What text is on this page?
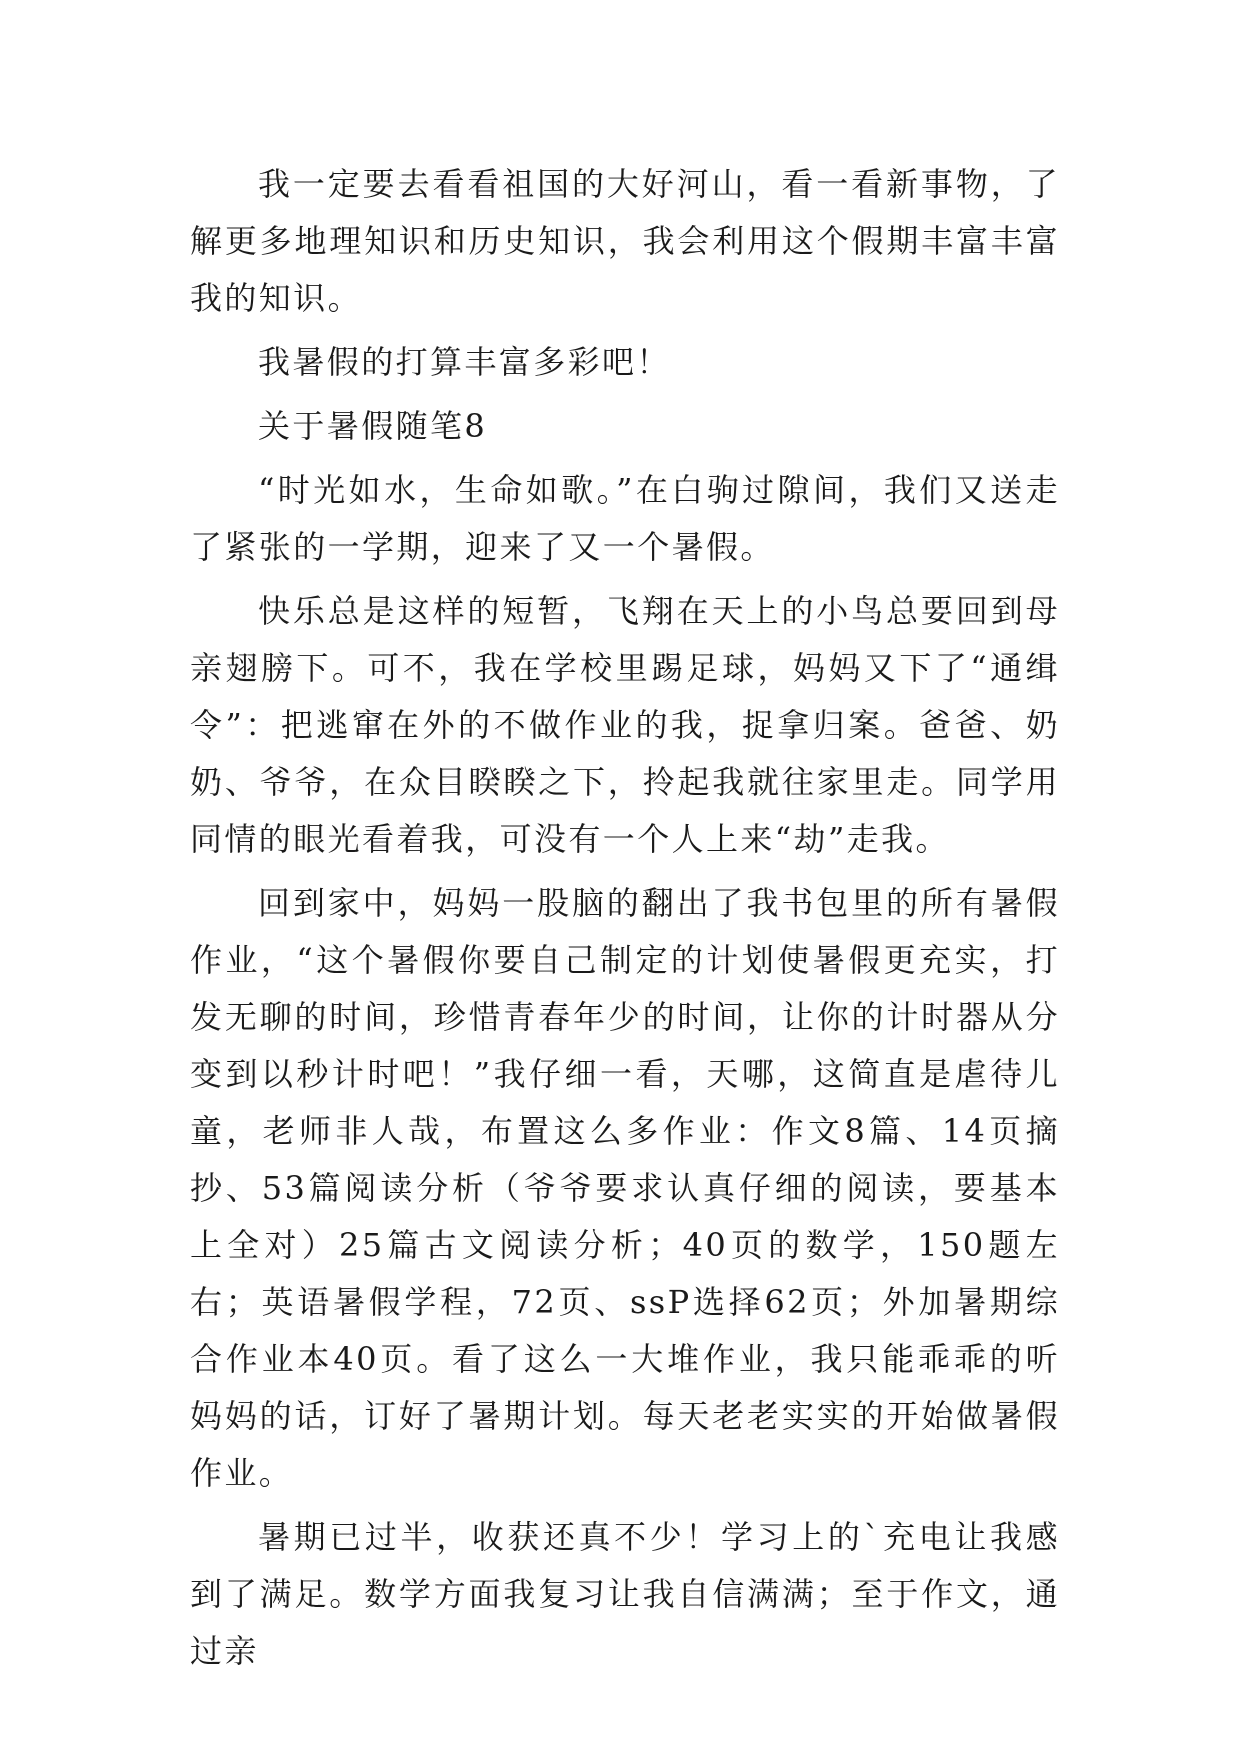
我一定要去看看祖国的大好河山，看一看新事物，了解更多地理知识和历史知识，我会利用这个假期丰富丰富我的知识。

我暑假的打算丰富多彩吧！

关于暑假随笔8

“时光如水，生命如歌。”在白驹过隙间，我们又送走了紧张的一学期，迎来了又一个暑假。

快乐总是这样的短暂，飞翔在天上的小鸟总要回到母亲翅膀下。可不，我在学校里踢足球，妈妈又下了“通缉令”：把逃窜在外的不做作业的我，捉拿归案。爸爸、奶奶、爷爷，在众目睽睽之下，拎起我就往家里走。同学用同情的眼光看着我，可没有一个人上来“劫”走我。

回到家中，妈妈一股脑的翻出了我书包里的所有暑假作业，“这个暑假你要自己制定的计划使暑假更充实，打发无聊的时间，珍惜青春年少的时间，让你的计时器从分变到以秒计时吧！”我仔细一看，天哪，这简直是虐待儿童，老师非人哉，布置这么多作业：作文8篇、14页摘抄、53篇阅读分析（爷爷要求认真仔细的阅读，要基本上全对）25篇古文阅读分析；40页的数学，150题左右；英语暑假学程，72页、ssP选择62页；外加暑期综合作业本40页。看了这么一大堆作业，我只能乖乖的听妈妈的话，订好了暑期计划。每天老老实实的开始做暑假作业。

暑期已过半，收获还真不少！学习上的`充电让我感到了满足。数学方面我复习让我自信满满；至于作文，通过亲
